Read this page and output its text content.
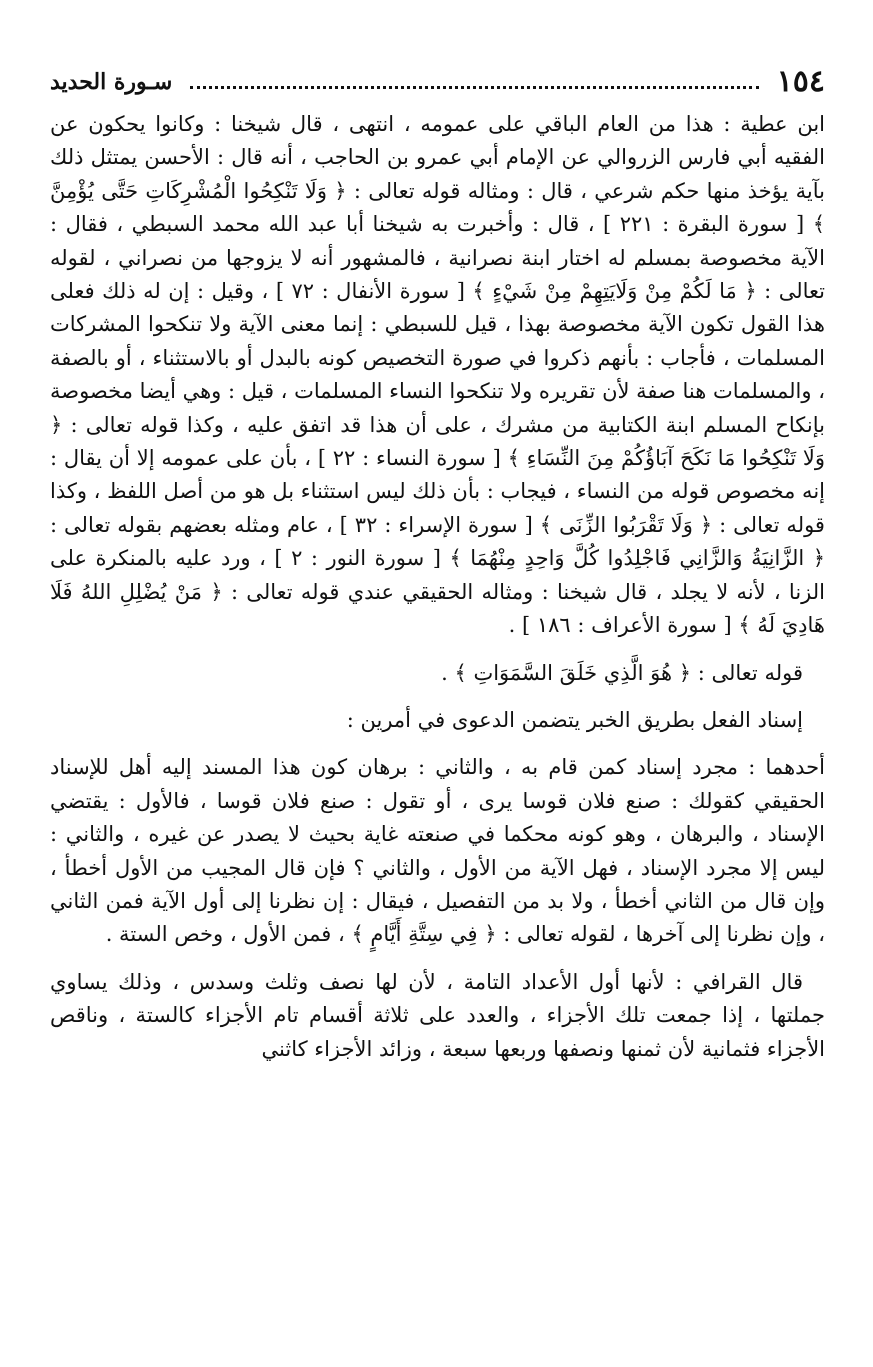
١٥٤
سـورة الحديد

ابن عطية : هذا من العام الباقي على عمومه ، انتهى ، قال شيخنا : وكانوا يحكون عن الفقيه أبي فارس الزروالي عن الإمام أبي عمرو بن الحاجب ، أنه قال : الأحسن يمتثل ذلك بآية يؤخذ منها حكم شرعي ، قال : ومثاله قوله تعالى : ﴿ وَلَا تَنْكِحُوا الْمُشْرِكَاتِ حَتَّى يُؤْمِنَّ ﴾ [ سورة البقرة : ٢٢١ ] ، قال : وأخبرت به شيخنا أبا عبد الله محمد السبطي ، فقال : الآية مخصوصة بمسلم له اختار ابنة نصرانية ، فالمشهور أنه لا يزوجها من نصراني ، لقوله تعالى : ﴿ مَا لَكُمْ مِنْ وَلَايَتِهِمْ مِنْ شَيْءٍ ﴾ [ سورة الأنفال : ٧٢ ] ، وقيل : إن له ذلك فعلى هذا القول تكون الآية مخصوصة بهذا ، قيل للسبطي : إنما معنى الآية ولا تنكحوا المشركات المسلمات ، فأجاب : بأنهم ذكروا في صورة التخصيص كونه بالبدل أو بالاستثناء ، أو بالصفة ، والمسلمات هنا صفة لأن تقريره ولا تنكحوا النساء المسلمات ، قيل : وهي أيضا مخصوصة بإنكاح المسلم ابنة الكتابية من مشرك ، على أن هذا قد اتفق عليه ، وكذا قوله تعالى : ﴿ وَلَا تَنْكِحُوا مَا نَكَحَ آبَاؤُكُمْ مِنَ النِّسَاءِ ﴾ [ سورة النساء : ٢٢ ] ، بأن على عمومه إلا أن يقال : إنه مخصوص قوله من النساء ، فيجاب : بأن ذلك ليس استثناء بل هو من أصل اللفظ ، وكذا قوله تعالى : ﴿ وَلَا تَقْرَبُوا الزِّنَى ﴾ [ سورة الإسراء : ٣٢ ] ، عام ومثله بعضهم بقوله تعالى : ﴿ الزَّانِيَةُ وَالزَّانِي فَاجْلِدُوا كُلَّ وَاحِدٍ مِنْهُمَا ﴾ [ سورة النور : ٢ ] ، ورد عليه بالمنكرة على الزنا ، لأنه لا يجلد ، قال شيخنا : ومثاله الحقيقي عندي قوله تعالى : ﴿ مَنْ يُضْلِلِ اللهُ فَلَا هَادِيَ لَهُ ﴾ [ سورة الأعراف : ١٨٦ ] .

قوله تعالى : ﴿ هُوَ الَّذِي خَلَقَ السَّمَوَاتِ ﴾ .

إسناد الفعل بطريق الخبر يتضمن الدعوى في أمرين :

أحدهما : مجرد إسناد كمن قام به ، والثاني : برهان كون هذا المسند إليه أهل للإسناد الحقيقي كقولك : صنع فلان قوسا يرى ، أو تقول : صنع فلان قوسا ، فالأول : يقتضي الإسناد ، والبرهان ، وهو كونه محكما في صنعته غاية بحيث لا يصدر عن غيره ، والثاني : ليس إلا مجرد الإسناد ، فهل الآية من الأول ، والثاني ؟ فإن قال المجيب من الأول أخطأ ، وإن قال من الثاني أخطأ ، ولا بد من التفصيل ، فيقال : إن نظرنا إلى أول الآية فمن الثاني ، وإن نظرنا إلى آخرها ، لقوله تعالى : ﴿ فِي سِتَّةِ أَيَّامٍ ﴾ ، فمن الأول ، وخص الستة .

قال القرافي : لأنها أول الأعداد التامة ، لأن لها نصف وثلث وسدس ، وذلك يساوي جملتها ، إذا جمعت تلك الأجزاء ، والعدد على ثلاثة أقسام تام الأجزاء كالستة ، وناقص الأجزاء فثمانية لأن ثمنها ونصفها وربعها سبعة ، وزائد الأجزاء كاثني
